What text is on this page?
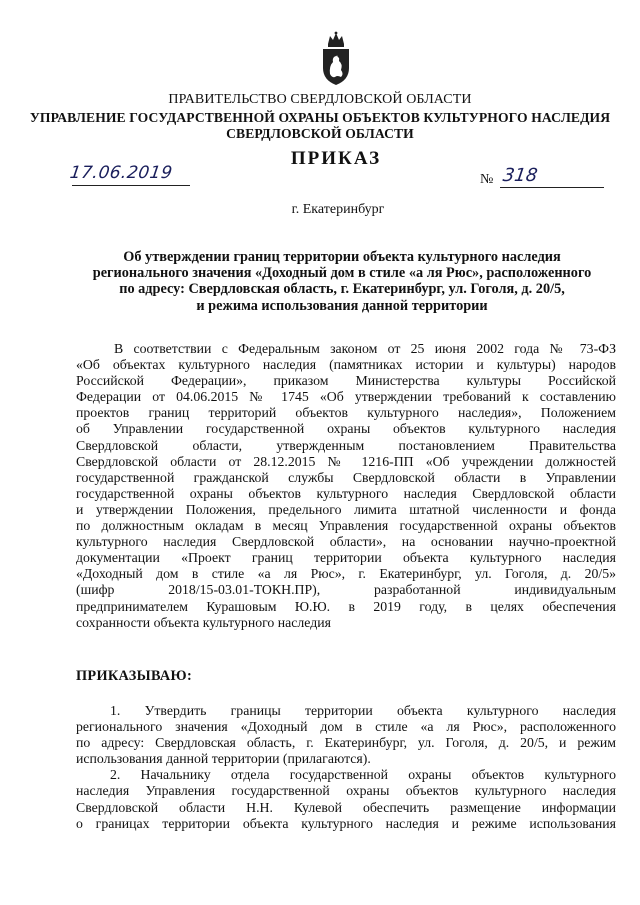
ПРАВИТЕЛЬСТВО СВЕРДЛОВСКОЙ ОБЛАСТИ
УПРАВЛЕНИЕ ГОСУДАРСТВЕННОЙ ОХРАНЫ ОБЪЕКТОВ КУЛЬТУРНОГО НАСЛЕДИЯ
СВЕРДЛОВСКОЙ ОБЛАСТИ
ПРИКАЗ
17.06.2019	№ 318
г. Екатеринбург
Об утверждении границ территории объекта культурного наследия
регионального значения «Доходный дом в стиле «а ля Рюс», расположенного
по адресу: Свердловская область, г. Екатеринбург, ул. Гоголя, д. 20/5,
и режима использования данной территории
В соответствии с Федеральным законом от 25 июня 2002 года № 73-ФЗ
«Об объектах культурного наследия (памятниках истории и культуры) народов
Российской Федерации», приказом Министерства культуры Российской
Федерации от 04.06.2015 № 1745 «Об утверждении требований к составлению
проектов границ территорий объектов культурного наследия», Положением
об Управлении государственной охраны объектов культурного наследия
Свердловской области, утвержденным постановлением Правительства
Свердловской области от 28.12.2015 № 1216-ПП «Об учреждении должностей
государственной гражданской службы Свердловской области в Управлении
государственной охраны объектов культурного наследия Свердловской области
и утверждении Положения, предельного лимита штатной численности и фонда
по должностным окладам в месяц Управления государственной охраны объектов
культурного наследия Свердловской области», на основании научно-проектной
документации «Проект границ территории объекта культурного наследия
«Доходный дом в стиле «а ля Рюс», г. Екатеринбург, ул. Гоголя, д. 20/5»
(шифр 2018/15-03.01-ТОКН.ПР), разработанной индивидуальным
предпринимателем Курашовым Ю.Ю. в 2019 году, в целях обеспечения
сохранности объекта культурного наследия
ПРИКАЗЫВАЮ:
1. Утвердить границы территории объекта культурного наследия
регионального значения «Доходный дом в стиле «а ля Рюс», расположенного
по адресу: Свердловская область, г. Екатеринбург, ул. Гоголя, д. 20/5, и режим
использования данной территории (прилагаются).
2. Начальнику отдела государственной охраны объектов культурного
наследия Управления государственной охраны объектов культурного наследия
Свердловской области Н.Н. Кулевой обеспечить размещение информации
о границах территории объекта культурного наследия и режиме использования
